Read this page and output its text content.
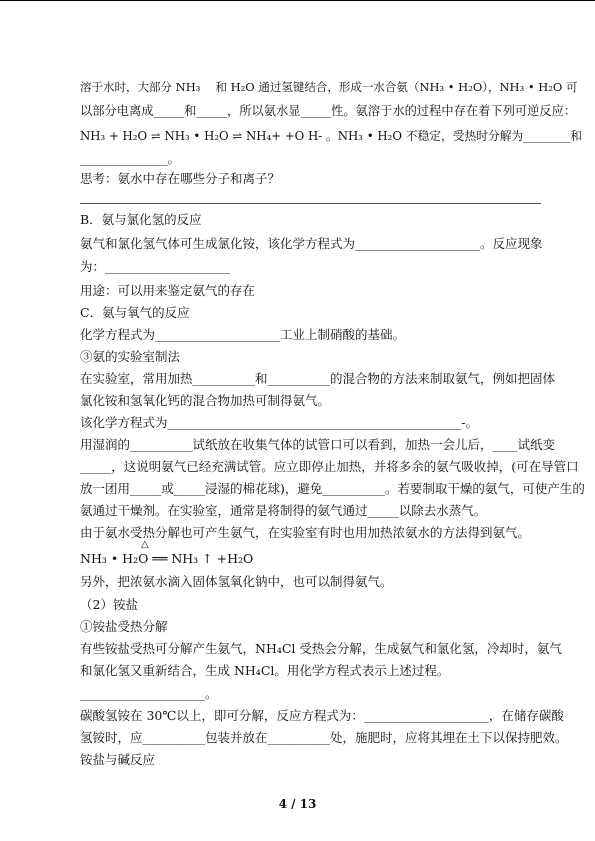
溶于水时，大部分 NH₃　 和 H₂O 通过氢键结合，形成一水合氨（NH₃ • H₂O），NH₃ • H₂O 可
以部分电离成_____和_____，所以氨水显_____性。氨溶于水的过程中存在着下列可逆反应：
NH₃ + H₂O ⇌ NH₃ • H₂O ⇌ NH₄+ +O H- 。NH₃ • H₂O 不稳定，受热时分解为________和
______________。
思考：氨水中存在哪些分子和离子？
B．氨与氯化氢的反应
氨气和氯化氢气体可生成氯化铵，该化学方程式为____________________。反应现象
为：____________________
用途：可以用来鉴定氨气的存在
C．氨与氧气的反应
化学方程式为____________________工业上制硝酸的基础。
③氨的实验室制法
在实验室，常用加热__________和__________的混合物的方法来制取氨气，例如把固体
氯化铵和氢氧化钙的混合物加热可制得氨气。
该化学方程式为_______________________________________________-。
用湿润的__________试纸放在收集气体的试管口可以看到，加热一会儿后，____试纸变
_____，这说明氨气已经充满试管。应立即停止加热，并将多余的氨气吸收掉，(可在导管口
放一团用_____或_____浸湿的棉花球)，避免__________。若要制取干燥的氨气，可使产生的
氨通过干燥剂。在实验室，通常是将制得的氨气通过_____以除去水蒸气。
由于氨水受热分解也可产生氨气，在实验室有时也用加热浓氨水的方法得到氨气。
△
NH₃ • H₂O ══ NH₃ ↑ +H₂O
另外，把浓氨水滴入固体氢氧化钠中，也可以制得氨气。
（2）铵盐
①铵盐受热分解
有些铵盐受热可分解产生氨气，NH₄Cl 受热会分解，生成氨气和氯化氢，冷却时，氨气
和氯化氢又重新结合，生成 NH₄Cl。用化学方程式表示上述过程。
____________________。
碳酸氢铵在 30℃以上，即可分解，反应方程式为：____________________，在储存碳酸
氢铵时，应__________包装并放在__________处，施肥时，应将其埋在土下以保持肥效。
铵盐与碱反应
4 / 13
